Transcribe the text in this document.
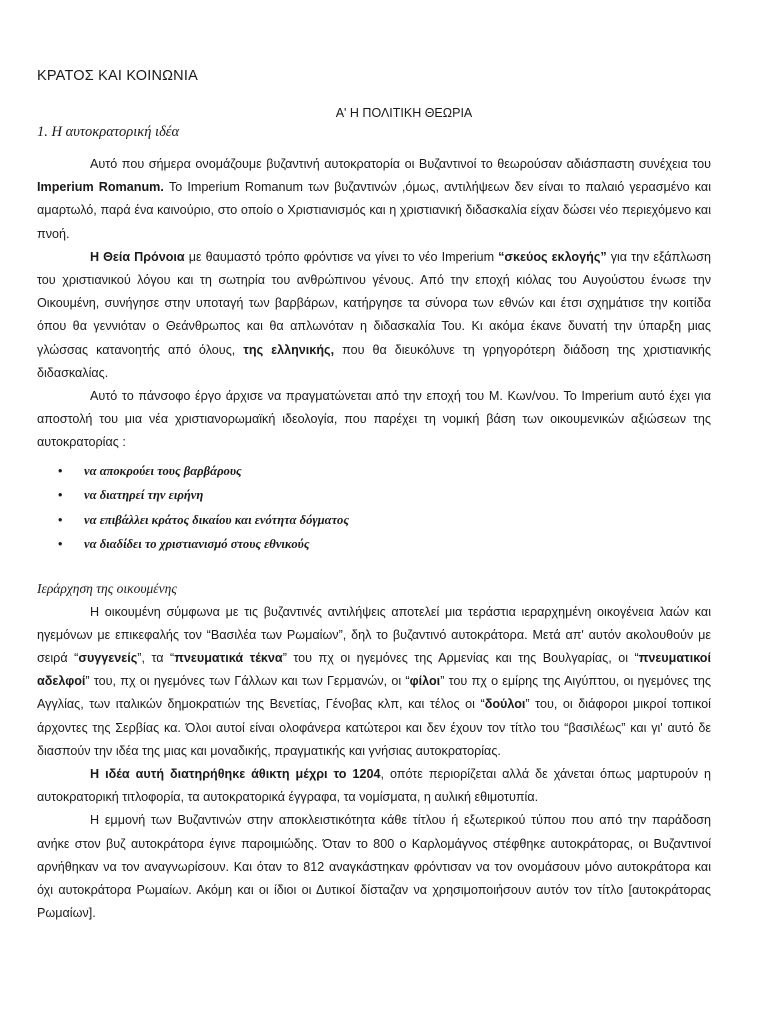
ΚΡΑΤΟΣ ΚΑΙ ΚΟΙΝΩΝΙΑ
Α' Η ΠΟΛΙΤΙΚΗ ΘΕΩΡΙΑ
1. Η αυτοκρατορική ιδέα

Αυτό που σήμερα ονομάζουμε βυζαντινή αυτοκρατορία οι Βυζαντινοί το θεωρούσαν αδιάσπαστη συνέχεια του Imperium Romanum. Το Imperium Romanum των βυζαντινών ,όμως, αντιλήψεων δεν είναι το παλαιό γερασμένο και αμαρτωλό, παρά ένα καινούριο, στο οποίο ο Χριστιανισμός και η χριστιανική διδασκαλία είχαν δώσει νέο περιεχόμενο και πνοή.

Η Θεία Πρόνοια με θαυμαστό τρόπο φρόντισε να γίνει το νέο Imperium “σκεύος εκλογής” για την εξάπλωση του χριστιανικού λόγου και τη σωτηρία του ανθρώπινου γένους. Από την εποχή κιόλας του Αυγούστου ένωσε την Οικουμένη, συνήγησε στην υποταγή των βαρβάρων, κατήργησε τα σύνορα των εθνών και έτσι σχημάτισε την κοιτίδα όπου θα γεννιόταν ο Θεάνθρωπος και θα απλωνόταν η διδασκαλία Του. Κι ακόμα έκανε δυνατή την ύπαρξη μιας γλώσσας κατανοητής από όλους, της ελληνικής, που θα διευκόλυνε τη γρηγορότερη διάδοση της χριστιανικής διδασκαλίας.

Αυτό το πάνσοφο έργο άρχισε να πραγματώνεται από την εποχή του Μ. Κων/νου. Το Imperium αυτό έχει για αποστολή του μια νέα χριστιανορωμαϊκή ιδεολογία, που παρέχει τη νομική βάση των οικουμενικών αξιώσεων της αυτοκρατορίας :

• να αποκρούει τους βαρβάρους
• να διατηρεί την ειρήνη
• να επιβάλλει κράτος δικαίου και ενότητα δόγματος
• να διαδίδει το χριστιανισμό στους εθνικούς
Ιεράρχηση της οικουμένης

Η οικουμένη σύμφωνα με τις βυζαντινές αντιλήψεις αποτελεί μια τεράστια ιεραρχημένη οικογένεια λαών και ηγεμόνων με επικεφαλής τον “Βασιλέα των Ρωμαίων”, δηλ το βυζαντινό αυτοκράτορα. Μετά απ' αυτόν ακολουθούν με σειρά “συγγενείς”, τα “πνευματικά τέκνα” του πχ οι ηγεμόνες της Αρμενίας και της Βουλγαρίας, οι “πνευματικοί αδελφοί” του, πχ οι ηγεμόνες των Γάλλων και των Γερμανών, οι “φίλοι” του πχ ο εμίρης της Αιγύπτου, οι ηγεμόνες της Αγγλίας, των ιταλικών δημοκρατιών της Βενετίας, Γένοβας κλπ, και τέλος οι “δούλοι” του, οι διάφοροι μικροί τοπικοί άρχοντες της Σερβίας κα. Όλοι αυτοί είναι ολοφάνερα κατώτεροι και δεν έχουν τον τίτλο του “βασιλέως” και γι' αυτό δε διασπούν την ιδέα της μιας και μοναδικής, πραγματικής και γνήσιας αυτοκρατορίας.

Η ιδέα αυτή διατηρήθηκε άθικτη μέχρι το 1204, οπότε περιορίζεται αλλά δε χάνεται όπως μαρτυρούν η αυτοκρατορική τιτλοφορία, τα αυτοκρατορικά έγγραφα, τα νομίσματα, η αυλική εθιμοτυπία.

Η εμμονή των Βυζαντινών στην αποκλειστικότητα κάθε τίτλου ή εξωτερικού τύπου που από την παράδοση ανήκε στον βυζ αυτοκράτορα έγινε παροιμιώδης. Όταν το 800 ο Καρλομάγνος στέφθηκε αυτοκράτορας, οι Βυζαντινοί αρνήθηκαν να τον αναγνωρίσουν. Και όταν το 812 αναγκάστηκαν φρόντισαν να τον ονομάσουν μόνο αυτοκράτορα και όχι αυτοκράτορα Ρωμαίων. Ακόμη και οι ίδιοι οι Δυτικοί δίσταζαν να χρησιμοποιήσουν αυτόν τον τίτλο [αυτοκράτορας Ρωμαίων].
